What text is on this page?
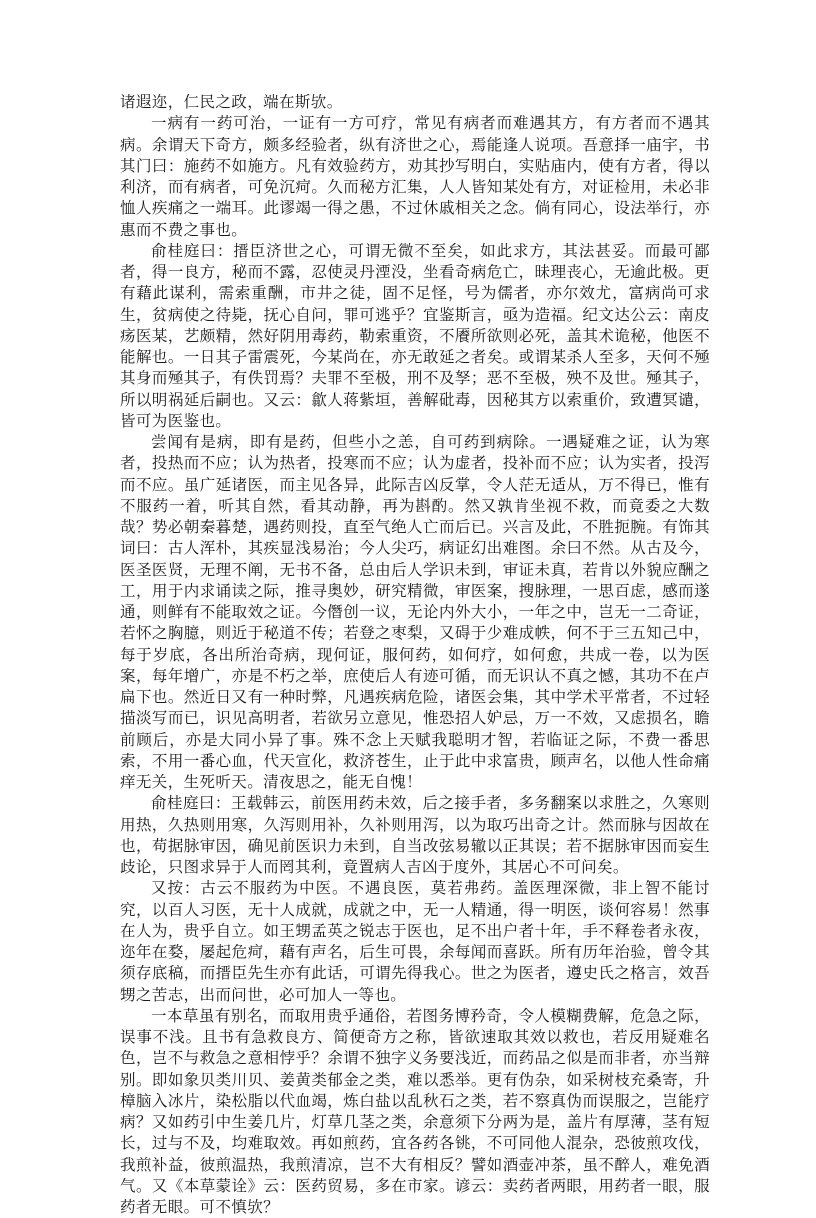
诸遐迩，仁民之政，端在斯欤。

一病有一药可治，一证有一方可疗，常见有病者而难遇其方，有方者而不遇其病。余谓天下奇方，颇多经验者，纵有济世之心，焉能逢人说项。吾意择一庙宇，书其门曰：施药不如施方。凡有效验药方，劝其抄写明白，实贴庙内，使有方者，得以利济，而有病者，可免沉疴。久而秘方汇集，人人皆知某处有方，对证检用，未必非恤人疾痛之一端耳。此谬竭一得之愚，不过休戚相关之念。倘有同心，设法举行，亦惠而不费之事也。

俞桂庭曰：搢臣济世之心，可谓无微不至矣，如此求方，其法甚妥。而最可鄙者，得一良方，秘而不露，忍使灵丹湮没，坐看奇病危亡，昧理丧心，无逾此极。更有藉此谋利，需索重酬，市井之徒，固不足怪，号为儒者，亦尔效尤，富病尚可求生，贫病使之待毙，抚心自问，罪可逃乎？宜鉴斯言，亟为造福。纪文达公云：南皮疡医某，艺颇精，然好阴用毒药，勒索重资，不餍所欲则必死，盖其术诡秘，他医不能解也。一日其子雷震死，今某尚在，亦无敢延之者矣。或谓某杀人至多，天何不殛其身而殛其子，有佚罚焉？夫罪不至极，刑不及孥；恶不至极，殃不及世。殛其子，所以明祸延后嗣也。又云：歙人蒋紫垣，善解砒毒，因秘其方以索重价，致遭冥谴，皆可为医鉴也。

尝闻有是病，即有是药，但些小之恙，自可药到病除。一遇疑难之证，认为寒者，投热而不应；认为热者，投寒而不应；认为虚者，投补而不应；认为实者，投泻而不应。虽广延诸医，而主见各异，此际吉凶反掌，令人茫无适从，万不得已，惟有不服药一着，听其自然，看其动静，再为斟酌。然又孰肯坐视不救，而竟委之大数哉？势必朝秦暮楚，遇药则投，直至气绝人亡而后已。兴言及此，不胜扼腕。有饰其词曰：古人浑朴，其疾显浅易治；今人尖巧，病证幻出难图。余曰不然。从古及今，医圣医贤，无理不阐，无书不备，总由后人学识未到，审证未真，若肯以外貌应酬之工，用于内求诵读之际，推寻奥妙，研究精微，审医案，搜脉理，一思百虑，感而遂通，则鲜有不能取效之证。今僭创一议，无论内外大小，一年之中，岂无一二奇证，若怀之胸臆，则近于秘道不传；若登之枣梨，又碍于少难成帙，何不于三五知己中，每于岁底，各出所治奇病，现何证，服何药，如何疗，如何愈，共成一卷，以为医案，每年增广，亦是不朽之举，庶使后人有迹可循，而无识认不真之憾，其功不在卢扁下也。然近日又有一种时弊，凡遇疾病危险，诸医会集，其中学术平常者，不过轻描淡写而已，识见高明者，若欲另立意见，惟恐招人妒忌，万一不效，又虑损名，瞻前顾后，亦是大同小异了事。殊不念上天赋我聪明才智，若临证之际，不费一番思索，不用一番心血，代天宣化，救济苍生，止于此中求富贵，顾声名，以他人性命痛痒无关，生死听天。清夜思之，能无自愧！

俞桂庭曰：王载韩云，前医用药未效，后之接手者，多务翻案以求胜之，久寒则用热，久热则用寒，久泻则用补，久补则用泻，以为取巧出奇之计。然而脉与因故在也，苟据脉审因，确见前医识力未到，自当改弦易辙以正其误；若不据脉审因而妄生歧论，只图求异于人而罔其利，竟置病人吉凶于度外，其居心不可问矣。

又按：古云不服药为中医。不遇良医，莫若弗药。盖医理深微，非上智不能讨究，以百人习医，无十人成就，成就之中，无一人精通，得一明医，谈何容易！然事在人为，贵乎自立。如王甥孟英之锐志于医也，足不出户者十年，手不释卷者永夜，迩年在婺，屡起危疴，藉有声名，后生可畏，余每闻而喜跃。所有历年治验，曾令其须存底稿，而搢臣先生亦有此话，可谓先得我心。世之为医者，遵史氏之格言，效吾甥之苦志，出而问世，必可加人一等也。

一本草虽有别名，而取用贵乎通俗，若图务博矜奇，令人模糊费解，危急之际，误事不浅。且书有急救良方、简便奇方之称，皆欲速取其效以救也，若反用疑难名色，岂不与救急之意相悖乎？余谓不独字义务要浅近，而药品之似是而非者，亦当辩别。即如象贝类川贝、姜黄类郁金之类，难以悉举。更有伪杂，如采树枝充桑寄，升樟脑入冰片，染松脂以代血竭，炼白盐以乱秋石之类，若不察真伪而误服之，岂能疗病？又如药引中生姜几片，灯草几茎之类，余意须下分两为是，盖片有厚薄，茎有短长，过与不及，均难取效。再如煎药，宜各药各铫，不可同他人混杂，恐彼煎攻伐，我煎补益，彼煎温热，我煎清凉，岂不大有相反？譬如酒壶冲茶，虽不醉人，难免酒气。又《本草蒙诠》云：医药贸易，多在市家。谚云：卖药者两眼，用药者一眼，服药者无眼。可不慎欤？
